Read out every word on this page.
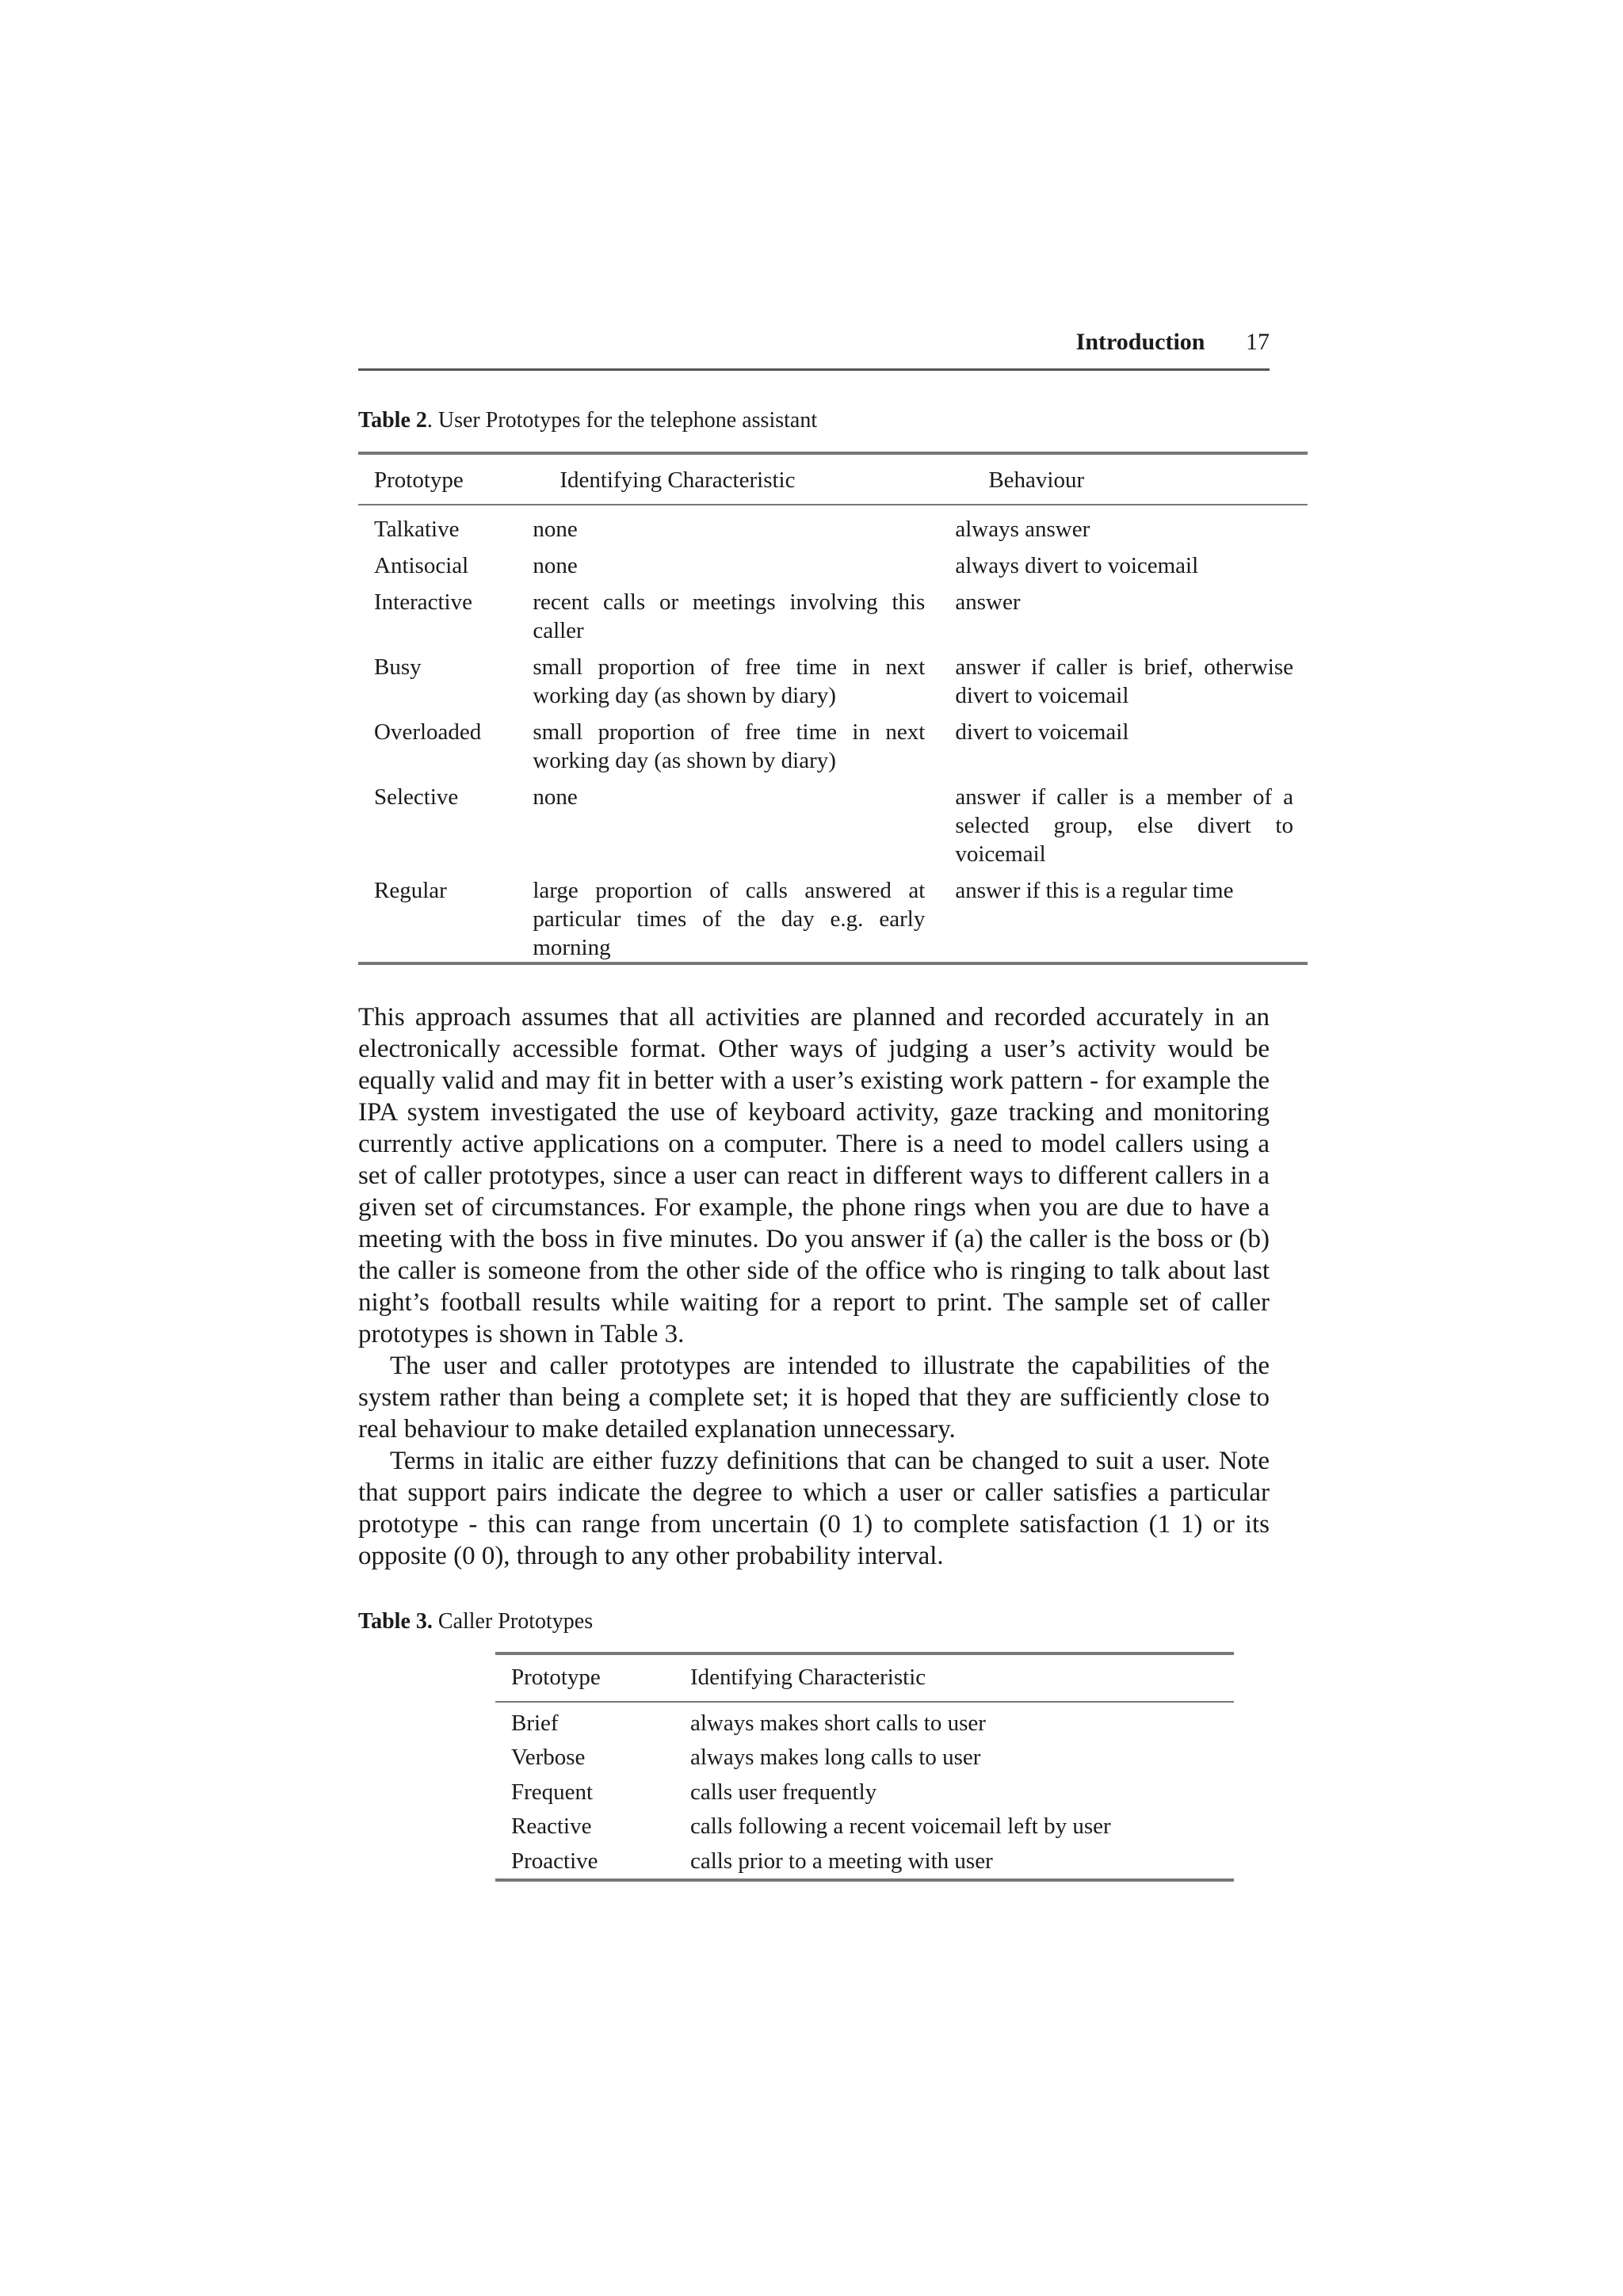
Introduction 17
Table 2. User Prototypes for the telephone assistant
Prototype	Identifying Characteristic	Behaviour
Talkative	none	always answer
Antisocial	none	always divert to voicemail
Interactive	recent calls or meetings involving this caller	answer
Busy	small proportion of free time in next working day (as shown by diary)	answer if caller is brief, otherwise divert to voicemail
Overloaded	small proportion of free time in next working day (as shown by diary)	divert to voicemail
Selective	none	answer if caller is a member of a selected group, else divert to voicemail
Regular	large proportion of calls answered at particular times of the day e.g. early morning	answer if this is a regular time

This approach assumes that all activities are planned and recorded accurately in an electronically accessible format. Other ways of judging a user’s activity would be equally valid and may fit in better with a user’s existing work pattern - for example the IPA system investigated the use of keyboard activity, gaze tracking and monitoring currently active applications on a computer. There is a need to model callers using a set of caller prototypes, since a user can react in different ways to different callers in a given set of circumstances. For example, the phone rings when you are due to have a meeting with the boss in five minutes. Do you answer if (a) the caller is the boss or (b) the caller is someone from the other side of the office who is ringing to talk about last night’s football results while waiting for a report to print. The sample set of caller prototypes is shown in Table 3.

The user and caller prototypes are intended to illustrate the capabilities of the system rather than being a complete set; it is hoped that they are sufficiently close to real behaviour to make detailed explanation unnecessary.

Terms in italic are either fuzzy definitions that can be changed to suit a user. Note that support pairs indicate the degree to which a user or caller satisfies a particular prototype - this can range from uncertain (0 1) to complete satisfaction (1 1) or its opposite (0 0), through to any other probability interval.

Table 3. Caller Prototypes
Prototype	Identifying Characteristic
Brief	always makes short calls to user
Verbose	always makes long calls to user
Frequent	calls user frequently
Reactive	calls following a recent voicemail left by user
Proactive	calls prior to a meeting with user
